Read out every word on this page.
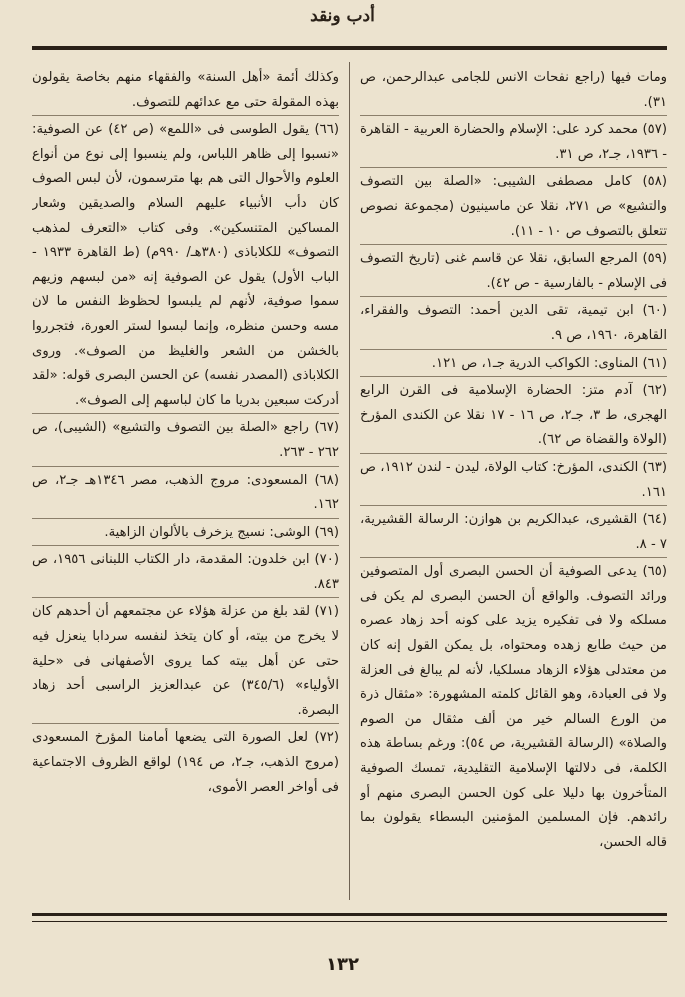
أدب ونقد

ومات فيها (راجع نفحات الانس للجامى عبدالرحمن، ص ٣١).

(٥٧) محمد كرد على: الإسلام والحضارة العربية - القاهرة - ١٩٣٦، جـ٢، ص ٣١.

(٥٨) كامل مصطفى الشيبى: «الصلة بين التصوف والتشيع» ص ٢٧١، نقلا عن ماسينيون (مجموعة نصوص تتعلق بالتصوف ص ١٠ - ١١).

(٥٩) المرجع السابق، نقلا عن قاسم غنى (تاريخ التصوف فى الإسلام - بالفارسية - ص ٤٢).

(٦٠) ابن تيمية، تقى الدين أحمد: التصوف والفقراء، القاهرة، ١٩٦٠، ص ٩.

(٦١) المناوى: الكواكب الدرية جـ١، ص ١٢١.

(٦٢) آدم متز: الحضارة الإسلامية فى القرن الرابع الهجرى، ط ٣، جـ٢، ص ١٦ - ١٧ نقلا عن الكندى المؤرخ (الولاة والقضاة ص ٦٢).

(٦٣) الكندى، المؤرخ: كتاب الولاة، ليدن - لندن ١٩١٢، ص ١٦١.

(٦٤) القشيرى، عبدالكريم بن هوازن: الرسالة القشيرية، ٧ - ٨.

(٦٥) يدعى الصوفية أن الحسن البصرى أول المتصوفين ورائد التصوف. والواقع أن الحسن البصرى لم يكن فى مسلكه ولا فى تفكيره يزيد على كونه أحد زهاد عصره من حيث طابع زهده ومحتواه، بل يمكن القول إنه كان من معتدلى هؤلاء الزهاد مسلكيا، لأنه لم يبالغ فى العزلة ولا فى العبادة، وهو القائل كلمته المشهورة: «مثقال ذرة من الورع السالم خير من ألف مثقال من الصوم والصلاة» (الرسالة القشيرية، ص ٥٤): ورغم بساطة هذه الكلمة، فى دلالتها الإسلامية التقليدية، تمسك الصوفية المتأخرون بها دليلا على كون الحسن البصرى منهم أو رائدهم. فإن المسلمين المؤمنين البسطاء يقولون بما قاله الحسن،

وكذلك أئمة «أهل السنة» والفقهاء منهم بخاصة يقولون بهذه المقولة حتى مع عدائهم للتصوف.

(٦٦) يقول الطوسى فى «اللمع» (ص ٤٢) عن الصوفية: «نسبوا إلى ظاهر اللباس، ولم ينسبوا إلى نوع من أنواع العلوم والأحوال التى هم بها مترسمون، لأن لبس الصوف كان دأب الأنبياء عليهم السلام والصديقين وشعار المساكين المتنسكين». وفى كتاب «التعرف لمذهب التصوف» للكلاباذى (٣٨٠هـ/ ٩٩٠م) (ط القاهرة ١٩٣٣ - الباب الأول) يقول عن الصوفية إنه «من لبسهم وزيهم سموا صوفية، لأنهم لم يلبسوا لحظوظ النفس ما لان مسه وحسن منظره، وإنما لبسوا لستر العورة، فتجرروا بالخشن من الشعر والغليظ من الصوف». وروى الكلاباذى (المصدر نفسه) عن الحسن البصرى قوله: «لقد أدركت سبعين بدريا ما كان لباسهم إلى الصوف».

(٦٧) راجع «الصلة بين التصوف والتشيع» (الشيبى)، ص ٢٦٢ - ٢٦٣.

(٦٨) المسعودى: مروج الذهب، مصر ١٣٤٦هـ جـ٢، ص ١٦٢.

(٦٩) الوشى: نسيج يزخرف بالألوان الزاهية.

(٧٠) ابن خلدون: المقدمة، دار الكتاب اللبنانى ١٩٥٦، ص ٨٤٣.

(٧١) لقد بلغ من عزلة هؤلاء عن مجتمعهم أن أحدهم كان لا يخرج من بيته، أو كان يتخذ لنفسه سردابا ينعزل فيه حتى عن أهل بيته كما يروى الأصفهانى فى «حلية الأولياء» (٣٤٥/٦) عن عبدالعزيز الراسبى أحد زهاد البصرة.

(٧٢) لعل الصورة التى يضعها أمامنا المؤرخ المسعودى (مروج الذهب، جـ٢، ص ١٩٤) لواقع الظروف الاجتماعية فى أواخر العصر الأموى،

١٣٢
